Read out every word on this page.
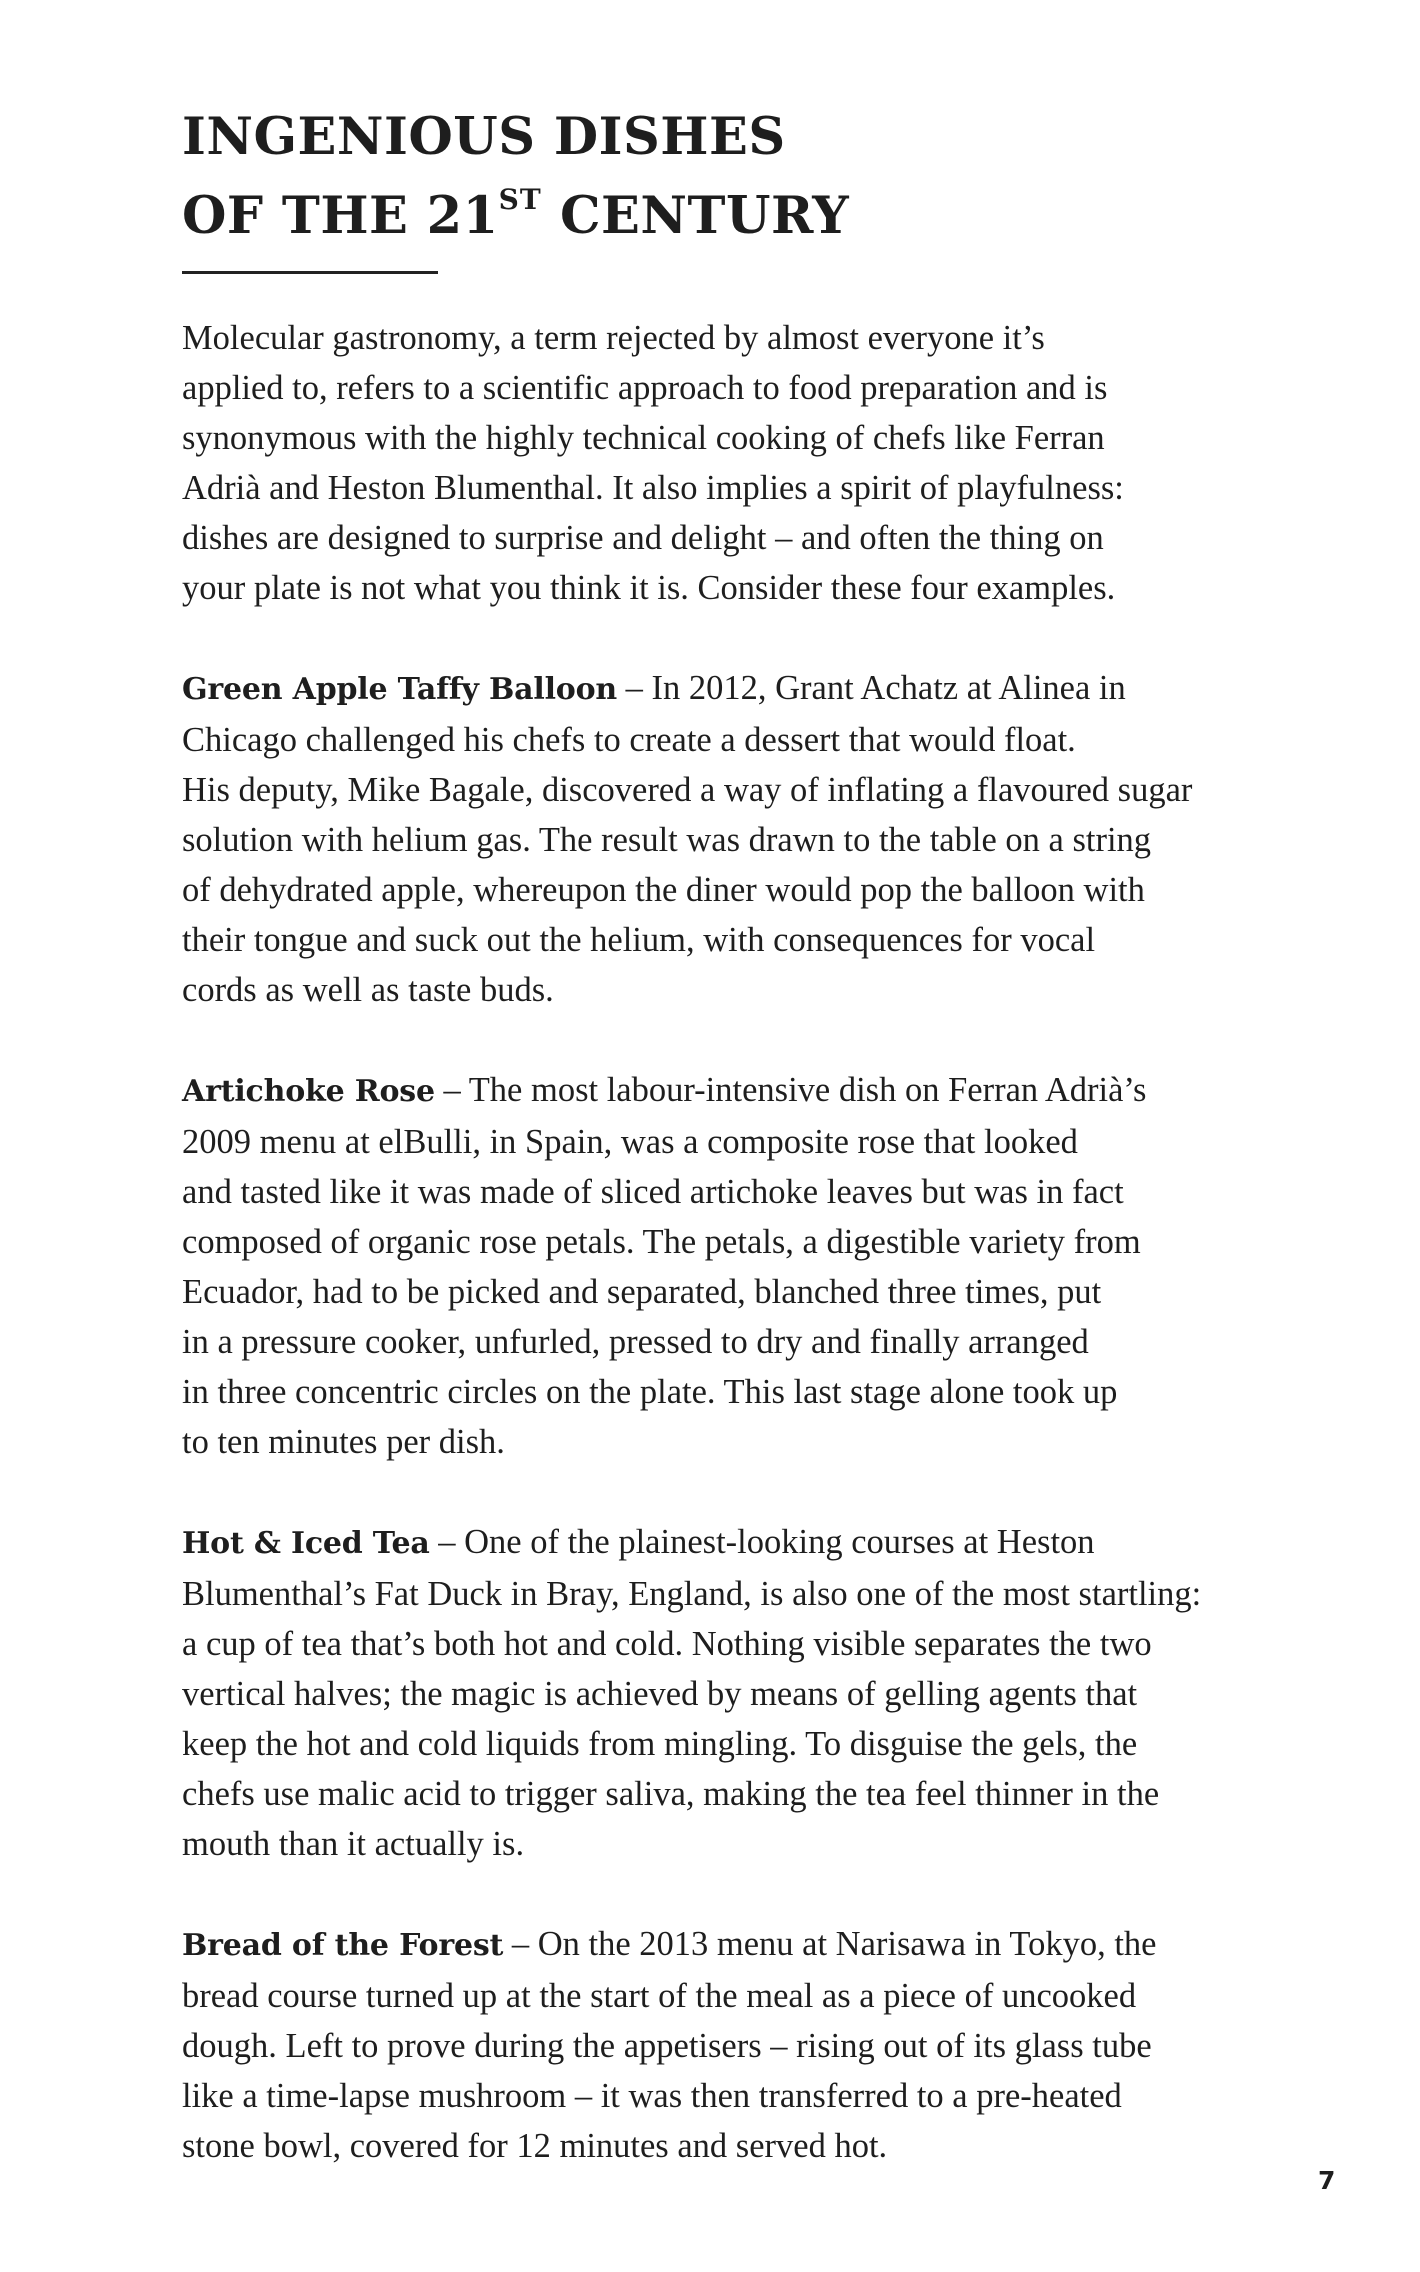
INGENIOUS DISHES
OF THE 21ST CENTURY

Molecular gastronomy, a term rejected by almost everyone it’s
applied to, refers to a scientific approach to food preparation and is
synonymous with the highly technical cooking of chefs like Ferran
Adrià and Heston Blumenthal. It also implies a spirit of playfulness:
dishes are designed to surprise and delight – and often the thing on
your plate is not what you think it is. Consider these four examples.

Green Apple Taffy Balloon – In 2012, Grant Achatz at Alinea in
Chicago challenged his chefs to create a dessert that would float.
His deputy, Mike Bagale, discovered a way of inflating a flavoured sugar
solution with helium gas. The result was drawn to the table on a string
of dehydrated apple, whereupon the diner would pop the balloon with
their tongue and suck out the helium, with consequences for vocal
cords as well as taste buds.

Artichoke Rose – The most labour-intensive dish on Ferran Adrià’s
2009 menu at elBulli, in Spain, was a composite rose that looked
and tasted like it was made of sliced artichoke leaves but was in fact
composed of organic rose petals. The petals, a digestible variety from
Ecuador, had to be picked and separated, blanched three times, put
in a pressure cooker, unfurled, pressed to dry and finally arranged
in three concentric circles on the plate. This last stage alone took up
to ten minutes per dish.

Hot & Iced Tea – One of the plainest-looking courses at Heston
Blumenthal’s Fat Duck in Bray, England, is also one of the most startling:
a cup of tea that’s both hot and cold. Nothing visible separates the two
vertical halves; the magic is achieved by means of gelling agents that
keep the hot and cold liquids from mingling. To disguise the gels, the
chefs use malic acid to trigger saliva, making the tea feel thinner in the
mouth than it actually is.

Bread of the Forest – On the 2013 menu at Narisawa in Tokyo, the
bread course turned up at the start of the meal as a piece of uncooked
dough. Left to prove during the appetisers – rising out of its glass tube
like a time-lapse mushroom – it was then transferred to a pre-heated
stone bowl, covered for 12 minutes and served hot.

7
